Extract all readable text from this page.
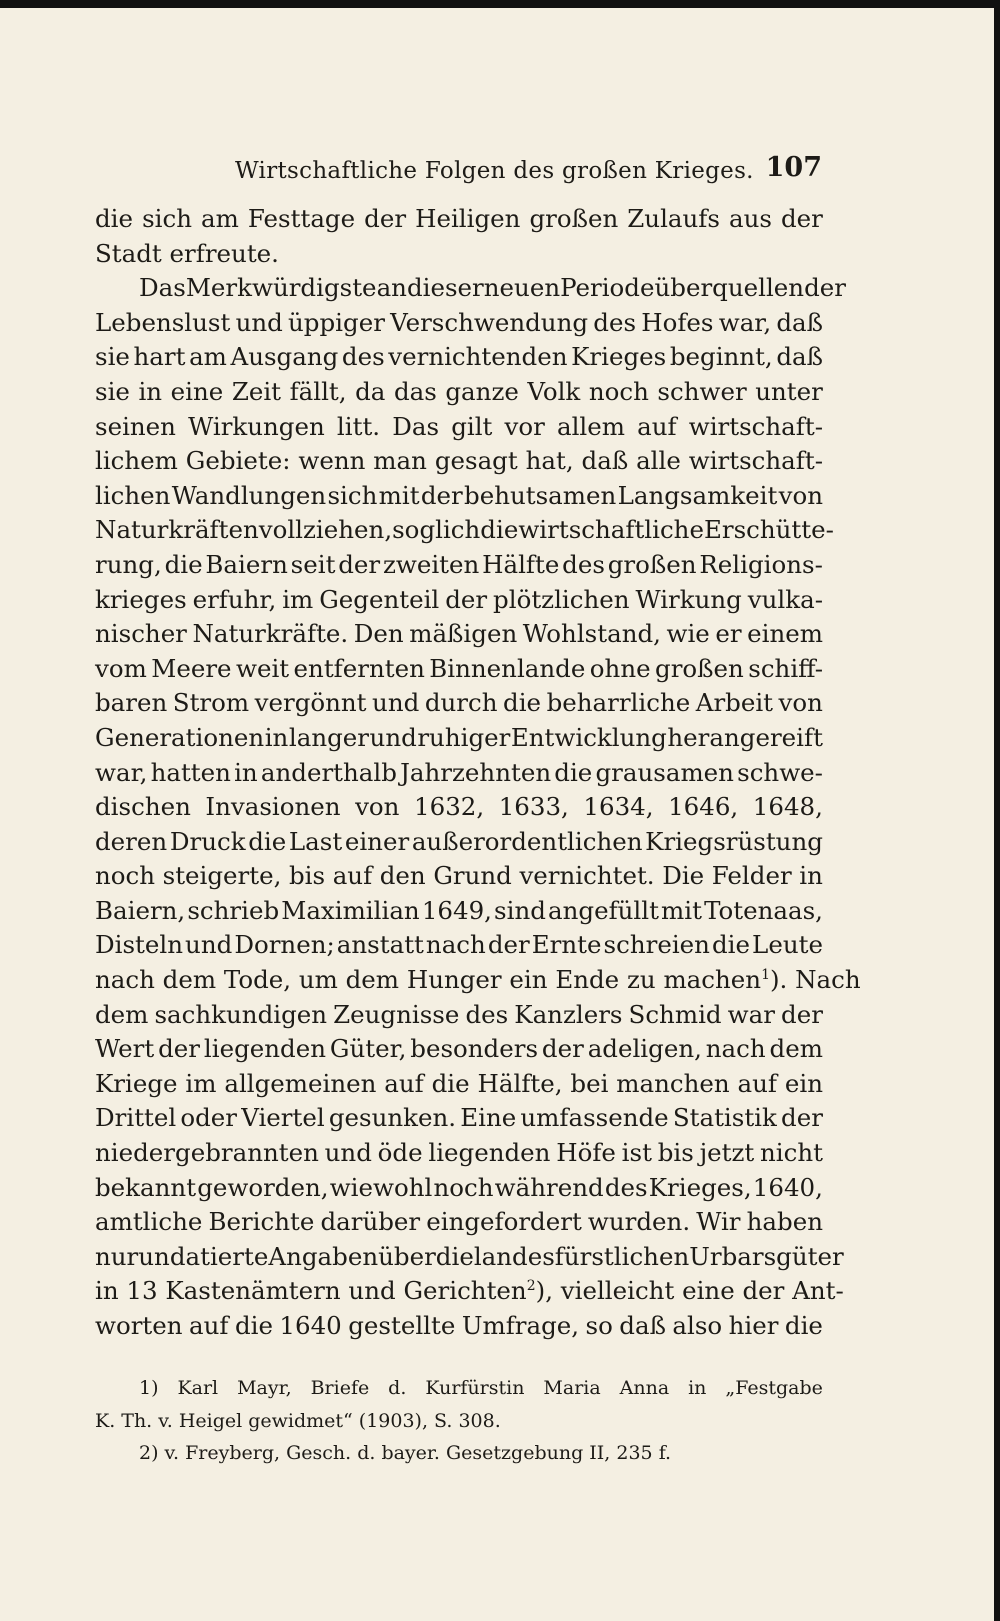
Wirtschaftliche Folgen des großen Krieges. 107
die sich am Festtage der Heiligen großen Zulaufs aus der
Stadt erfreute.
Das Merkwürdigste an dieser neuen Periode überquellender
Lebenslust und üppiger Verschwendung des Hofes war, daß
sie hart am Ausgang des vernichtenden Krieges beginnt, daß
sie in eine Zeit fällt, da das ganze Volk noch schwer unter
seinen Wirkungen litt. Das gilt vor allem auf wirtschaft-
lichem Gebiete: wenn man gesagt hat, daß alle wirtschaft-
lichen Wandlungen sich mit der behutsamen Langsamkeit von
Naturkräften vollziehen, so glich die wirtschaftliche Erschütte-
rung, die Baiern seit der zweiten Hälfte des großen Religions-
krieges erfuhr, im Gegenteil der plötzlichen Wirkung vulka-
nischer Naturkräfte. Den mäßigen Wohlstand, wie er einem
vom Meere weit entfernten Binnenlande ohne großen schiff-
baren Strom vergönnt und durch die beharrliche Arbeit von
Generationen in langer und ruhiger Entwicklung herangereift
war, hatten in anderthalb Jahrzehnten die grausamen schwe-
dischen Invasionen von 1632, 1633, 1634, 1646, 1648,
deren Druck die Last einer außerordentlichen Kriegsrüstung
noch steigerte, bis auf den Grund vernichtet. Die Felder in
Baiern, schrieb Maximilian 1649, sind angefüllt mit Totenaas,
Disteln und Dornen; anstatt nach der Ernte schreien die Leute
nach dem Tode, um dem Hunger ein Ende zu machen$^1$). Nach
dem sachkundigen Zeugnisse des Kanzlers Schmid war der
Wert der liegenden Güter, besonders der adeligen, nach dem
Kriege im allgemeinen auf die Hälfte, bei manchen auf ein
Drittel oder Viertel gesunken. Eine umfassende Statistik der
niedergebrannten und öde liegenden Höfe ist bis jetzt nicht
bekannt geworden, wiewohl noch während des Krieges, 1640,
amtliche Berichte darüber eingefordert wurden. Wir haben
nur undatierte Angaben über die landesfürstlichen Urbarsgüter
in 13 Kastenämtern und Gerichten$^2$), vielleicht eine der Ant-
worten auf die 1640 gestellte Umfrage, so daß also hier die
1) Karl Mayr, Briefe d. Kurfürstin Maria Anna in „Festgabe
K. Th. v. Heigel gewidmet“ (1903), S. 308.
2) v. Freyberg, Gesch. d. bayer. Gesetzgebung II, 235 f.
